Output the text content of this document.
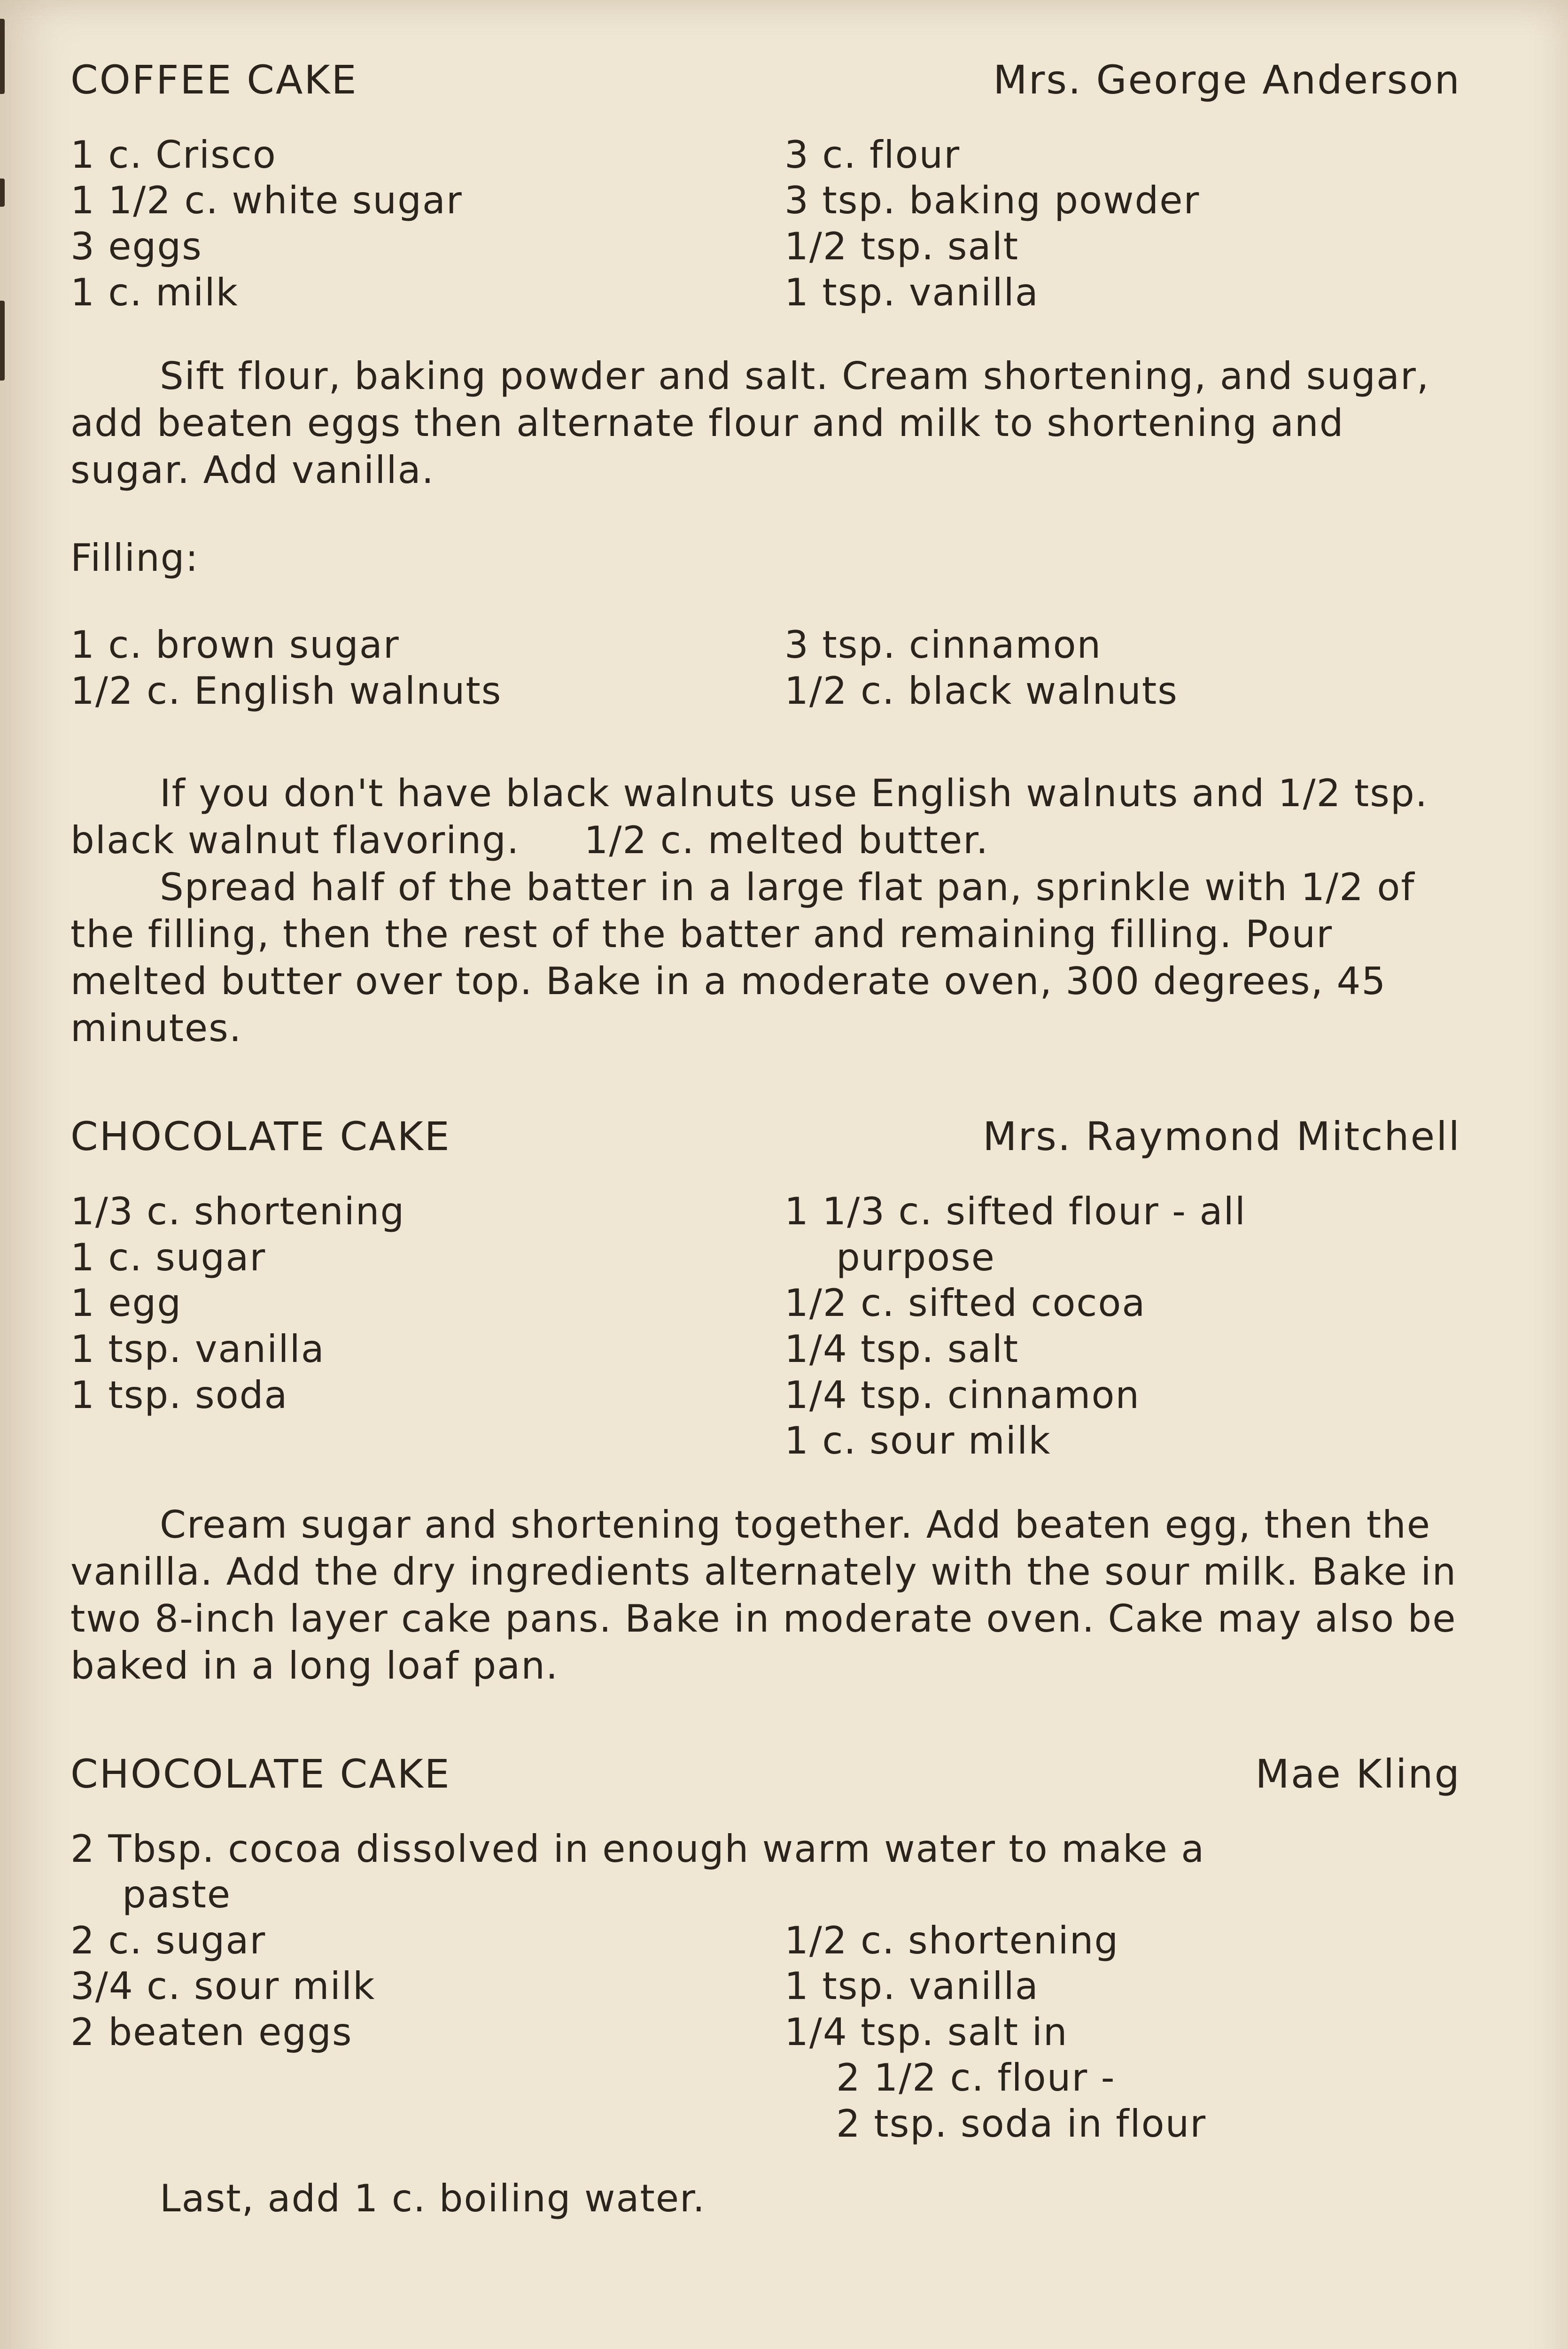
COFFEE CAKE	Mrs. George Anderson
1 c. Crisco
1 1/2 c. white sugar
3 eggs
1 c. milk
3 c. flour
3 tsp. baking powder
1/2 tsp. salt
1 tsp. vanilla

Sift flour, baking powder and salt. Cream shortening, and sugar, add beaten eggs then alternate flour and milk to shortening and sugar. Add vanilla.

Filling:
1 c. brown sugar
1/2 c. English walnuts
3 tsp. cinnamon
1/2 c. black walnuts

If you don't have black walnuts use English walnuts and 1/2 tsp. black walnut flavoring.     1/2 c. melted butter.

Spread half of the batter in a large flat pan, sprinkle with 1/2 of the filling, then the rest of the batter and remaining filling. Pour melted butter over top. Bake in a moderate oven, 300 degrees, 45 minutes.

CHOCOLATE CAKE	Mrs. Raymond Mitchell
1/3 c. shortening
1 c. sugar
1 egg
1 tsp. vanilla
1 tsp. soda
1 1/3 c. sifted flour - all
purpose
1/2 c. sifted cocoa
1/4 tsp. salt
1/4 tsp. cinnamon
1 c. sour milk

Cream sugar and shortening together. Add beaten egg, then the vanilla. Add the dry ingredients alternately with the sour milk. Bake in two 8-inch layer cake pans. Bake in moderate oven. Cake may also be baked in a long loaf pan.

CHOCOLATE CAKE	Mae Kling
2 Tbsp. cocoa dissolved in enough warm water to make a
paste
2 c. sugar
3/4 c. sour milk
2 beaten eggs
1/2 c. shortening
1 tsp. vanilla
1/4 tsp. salt in
2 1/2 c. flour -
2 tsp. soda in flour

Last, add 1 c. boiling water.
